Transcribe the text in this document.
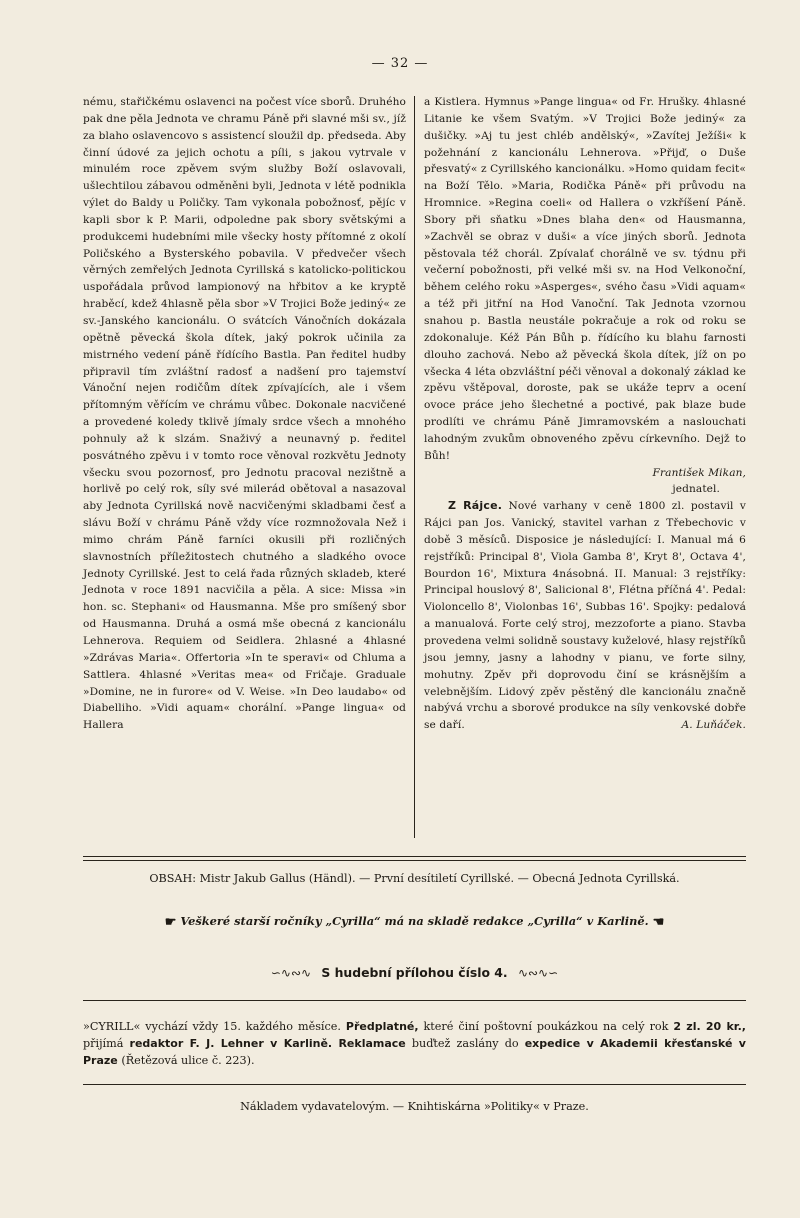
— 32 —

nému, stařičkému oslavenci na počest více sborů. Druhého pak dne pěla Jednota ve chramu Páně při slavné mši sv., jíž za blaho oslavencovo s assistencí sloužil dp. předseda. Aby činní údové za jejich ochotu a píli, s jakou vytrvale v minulém roce zpěvem svým služby Boží oslavovali, ušlechtilou zábavou odměněni byli, Jednota v létě podnikla výlet do Baldy u Poličky. Tam vykonala pobožnosť, pějíc v kapli sbor k P. Marii, odpoledne pak sbory světskými a produkcemi hudebními mile všecky hosty přítomné z okolí Poličského a Bysterského pobavila. V předvečer všech věrných zemřelých Jednota Cyrillská s katolicko-politickou uspořádala průvod lampionový na hřbitov a ke kryptě hraběcí, kdež 4hlasně pěla sbor »V Trojici Bože jediný« ze sv.-Janského kancionálu. O svátcích Vánočních dokázala opětně pěvecká škola dítek, jaký pokrok učinila za mistrného vedení páně řídícího Bastla. Pan ředitel hudby připravil tím zvláštní radosť a nadšení pro tajemství Vánoční nejen rodičům dítek zpívajících, ale i všem přítomným věřícím ve chrámu vůbec. Dokonale nacvičené a provedené koledy tklivě jímaly srdce všech a mnohého pohnuly až k slzám. Snaživý a neunavný p. ředitel posvátného zpěvu i v tomto roce věnoval rozkvětu Jednoty všecku svou pozornosť, pro Jednotu pracoval nezištně a horlivě po celý rok, síly své milerád obětoval a nasazoval aby Jednota Cyrillská nově nacvičenými skladbami česť a slávu Boží v chrámu Páně vždy více rozmnožovala Než i mimo chrám Páně farníci okusili při rozličných slavnostních příležitostech chutného a sladkého ovoce Jednoty Cyrillské. Jest to celá řada různých skladeb, které Jednota v roce 1891 nacvičila a pěla. A sice: Missa »in hon. sc. Stephani« od Hausmanna. Mše pro smíšený sbor od Hausmanna. Druhá a osmá mše obecná z kancionálu Lehnerova. Requiem od Seidlera. 2hlasné a 4hlasné »Zdrávas Maria«. Offertoria »In te speravi« od Chluma a Sattlera. 4hlasné »Veritas mea« od Fričaje. Graduale »Domine, ne in furore« od V. Weise. »In Deo laudabo« od Diabelliho. »Vidi aquam« chorální. »Pange lingua« od Hallera

a Kistlera. Hymnus »Pange lingua« od Fr. Hrušky. 4hlasné Litanie ke všem Svatým. »V Trojici Bože jediný« za dušičky. »Aj tu jest chléb andělský«, »Zavítej Ježíši« k požehnání z kancionálu Lehnerova. »Přijď, o Duše přesvatý« z Cyrillského kancionálku. »Homo quidam fecit« na Boží Tělo. »Maria, Rodička Páně« při průvodu na Hromnice. »Regina coeli« od Hallera o vzkříšení Páně. Sbory při sňatku »Dnes blaha den« od Hausmanna, »Zachvěl se obraz v duši« a více jiných sborů. Jednota pěstovala též chorál. Zpívalať chorálně ve sv. týdnu při večerní pobožnosti, při velké mši sv. na Hod Velkonoční, během celého roku »Asperges«, svého času »Vidi aquam« a též při jitřní na Hod Vanoční. Tak Jednota vzornou snahou p. Bastla neustále pokračuje a rok od roku se zdokonaluje. Kéž Pán Bůh p. řídícího ku blahu farnosti dlouho zachová. Nebo až pěvecká škola dítek, jíž on po všecka 4 léta obzvláštní péči věnoval a dokonalý základ ke zpěvu vštěpoval, doroste, pak se ukáže teprv a ocení ovoce práce jeho šlechetné a poctivé, pak blaze bude prodlíti ve chrámu Páně Jimramovském a naslouchati lahodným zvukům obnoveného zpěvu církevního. Dejž to Bůh!

František Mikan,

jednatel.

Z Rájce. Nové varhany v ceně 1800 zl. postavil v Rájci pan Jos. Vanický, stavitel varhan z Třebechovic v době 3 měsíců. Disposice je následující: I. Manual má 6 rejstříků: Principal 8', Viola Gamba 8', Kryt 8', Octava 4', Bourdon 16', Mixtura 4násobná. II. Manual: 3 rejstříky: Principal houslový 8', Salicional 8', Flétna příčná 4'. Pedal: Violoncello 8', Violonbas 16', Subbas 16'. Spojky: pedalová a manualová. Forte celý stroj, mezzoforte a piano. Stavba provedena velmi solidně soustavy kuželové, hlasy rejstříků jsou jemny, jasny a lahodny v pianu, ve forte silny, mohutny. Zpěv při doprovodu činí se krásnějším a velebnějším. Lidový zpěv pěstěný dle kancionálu značně nabývá vrchu a sborové produkce na síly venkovské dobře se daří.	A. Luňáček.

OBSAH: Mistr Jakub Gallus (Händl). — První desítiletí Cyrillské. — Obecná Jednota Cyrillská.
☛ Veškeré starší ročníky „Cyrilla“ má na skladě redakce „Cyrilla“ v Karlině. ☚
∽∿∾∿ S hudební přílohou číslo 4. ∿∾∿∽
»CYRILL« vychází vždy 15. každého měsíce. Předplatné, které činí poštovní poukázkou na celý rok 2 zl. 20 kr., přijímá redaktor F. J. Lehner v Karlině. Reklamace buďtež zaslány do expedice v Akademii křesťanské v Praze (Řetězová ulice č. 223).
Nákladem vydavatelovým. — Knihtiskárna »Politiky« v Praze.
